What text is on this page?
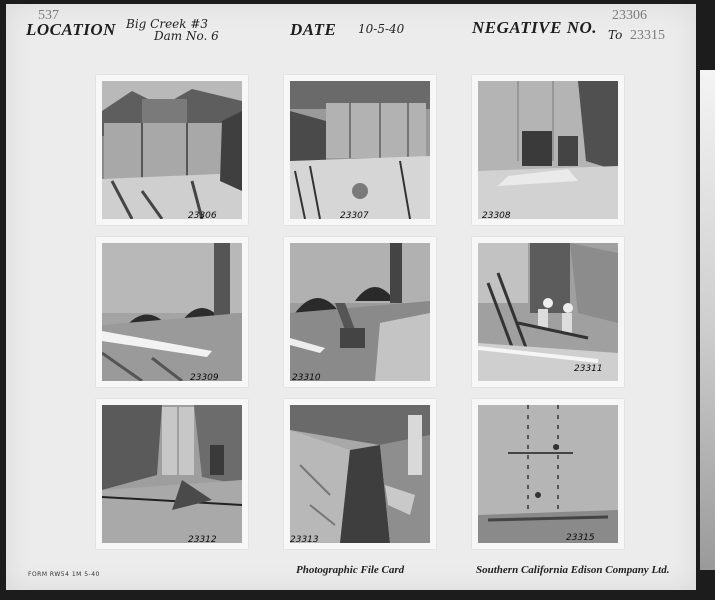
537
LOCATION Big Creek #3
Dam No. 6	DATE 10-5-40	NEGATIVE NO.
23306
To 23315
23306	23307	23308
23309	23310
23311
23312	23313	23315
FORM RW54 1M 5-40	Photographic File Card	Southern California Edison Company Ltd.
